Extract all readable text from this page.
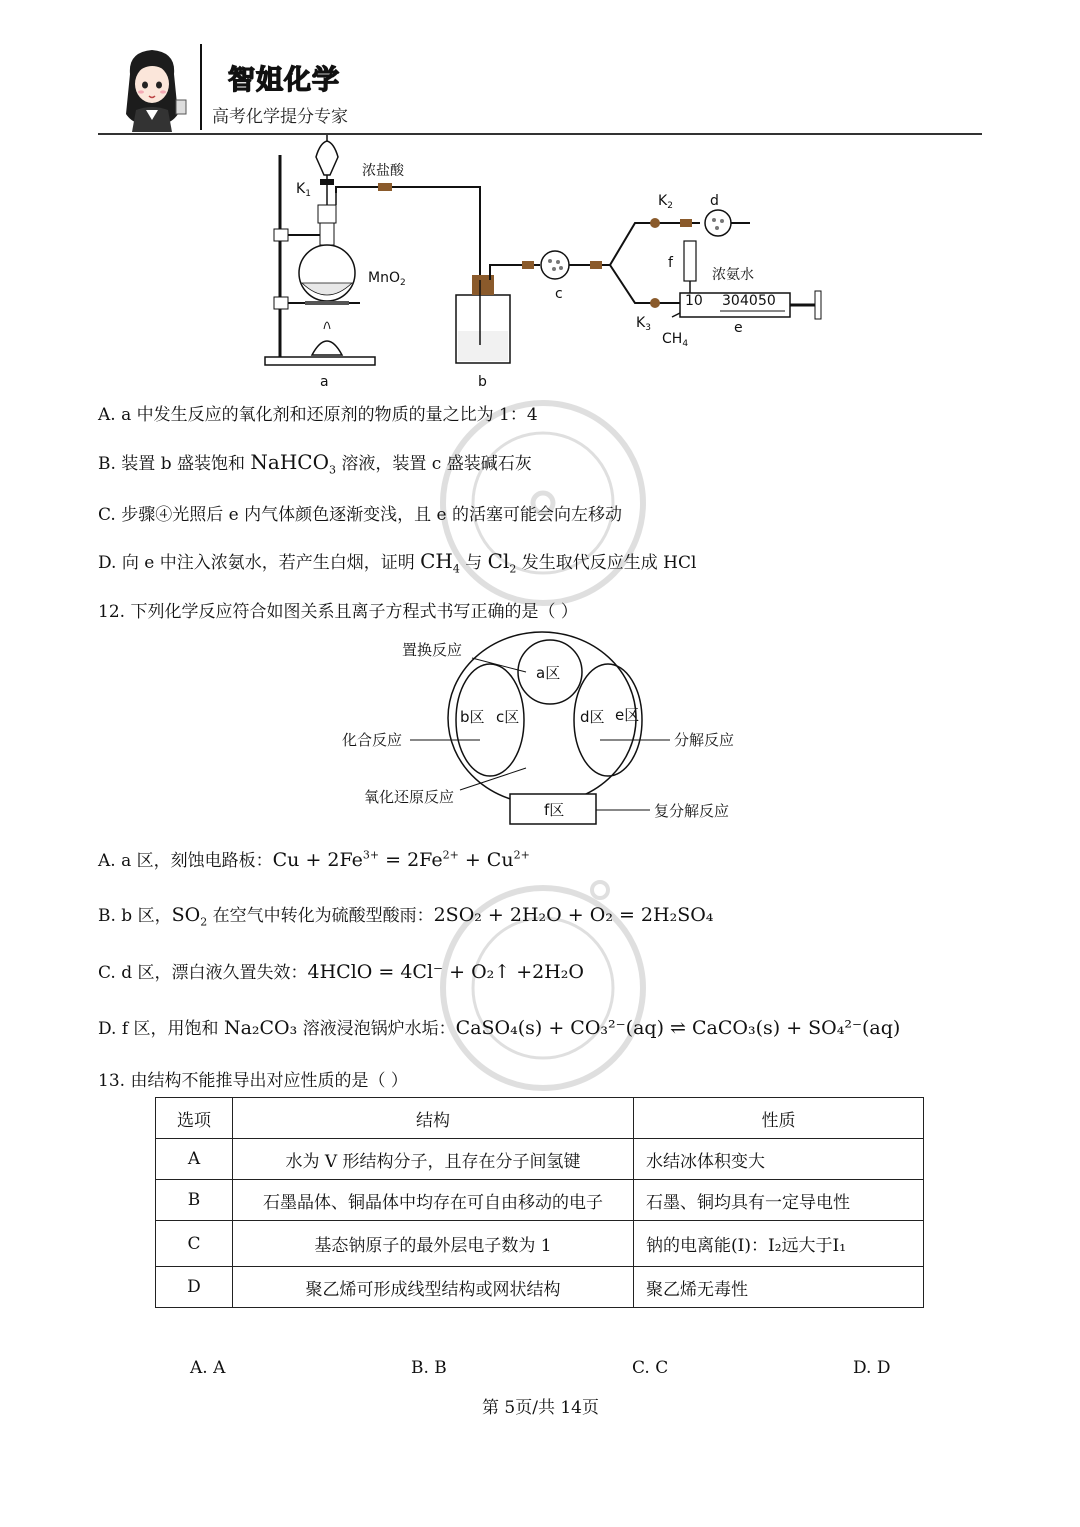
智姐化学
高考化学提分专家
浓盐酸
$K_1$
MnO$_2$
$K_2$	d
f
浓氨水
c
$K_3$
$CH_4$
e
a	b
10 30 40 50
A. a 中发生反应的氧化剂和还原剂的物质的量之比为 1：4
B. 装置 b 盛装饱和 NaHCO$_3$ 溶液，装置 c 盛装碱石灰
C. 步骤④光照后 e 内气体颜色逐渐变浅，且 e 的活塞可能会向左移动
D. 向 e 中注入浓氨水，若产生白烟，证明 $CH_4$ 与 $Cl_2$ 发生取代反应生成 HCl
12. 下列化学反应符合如图关系且离子方程式书写正确的是（ ）
置换反应
a区
b区 c区	d区 e区
化合反应	分解反应
氧化还原反应
f区	复分解反应
A. a 区，刻蚀电路板：$Cu + 2Fe^{3+} = 2Fe^{2+} + Cu^{2+}$
B. b 区，$SO_2$ 在空气中转化为硫酸型酸雨：2SO₂ + 2H₂O + O₂ = 2H₂SO₄
C. d 区，漂白液久置失效：4HClO = 4Cl⁻ + O₂↑ +2H₂O
D. f 区，用饱和 Na₂CO₃ 溶液浸泡锅炉水垢：CaSO₄(s) + CO₃²⁻(aq) ⇌ CaCO₃(s) + SO₄²⁻(aq)
13. 由结构不能推导出对应性质的是（ ）
选项	结构	性质
A	水为 V 形结构分子，且存在分子间氢键	水结冰体积变大
B	石墨晶体、铜晶体中均存在可自由移动的电子	石墨、铜均具有一定导电性
C	基态钠原子的最外层电子数为 1	钠的电离能(I)：I₂远大于I₁
D	聚乙烯可形成线型结构或网状结构	聚乙烯无毒性
A. A	B. B	C. C	D. D
第 5页/共 14页
